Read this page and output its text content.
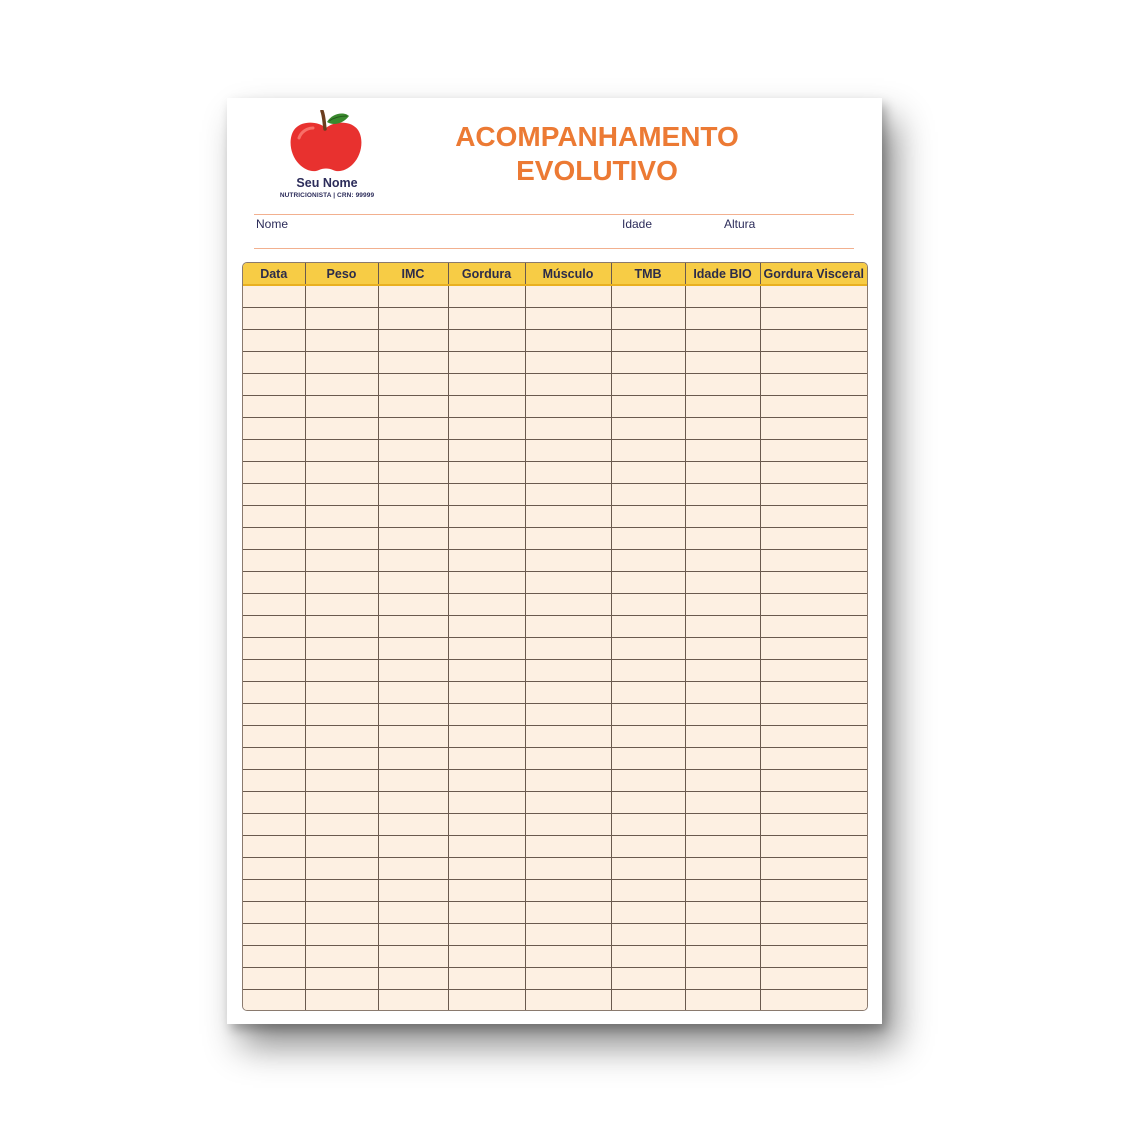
Seu Nome
NUTRICIONISTA | CRN: 99999
ACOMPANHAMENTO
EVOLUTIVO
Nome	Idade	Altura
Data	Peso	IMC	Gordura	Músculo	TMB	Idade BIO	Gordura Visceral
